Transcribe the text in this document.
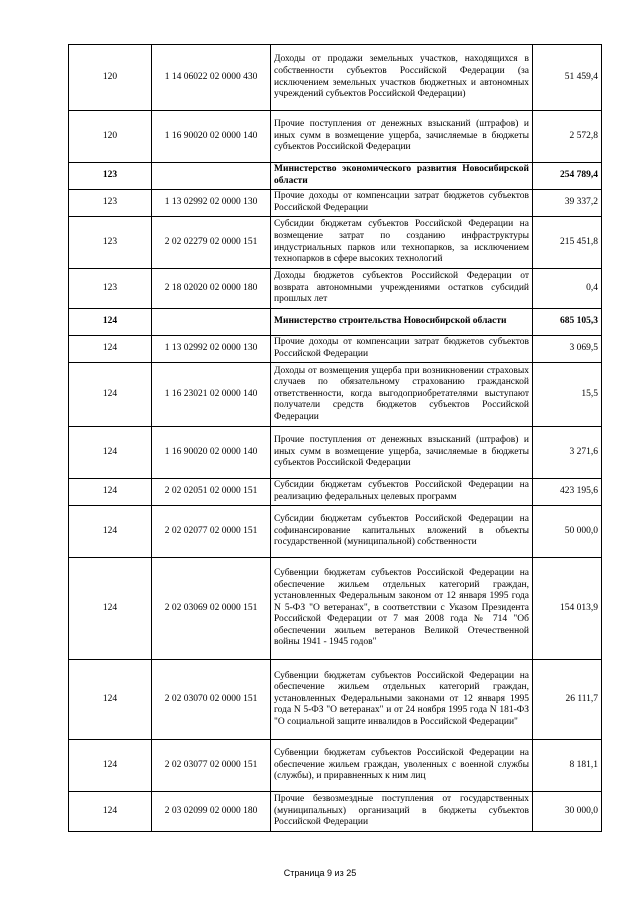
120	1 14 06022 02 0000 430	Доходы от продажи земельных участков, находящихся в собственности субъектов Российской Федерации (за исключением земельных участков бюджетных и автономных учреждений субъектов Российской Федерации)	51 459,4
120	1 16 90020 02 0000 140	Прочие поступления от денежных взысканий (штрафов) и иных сумм в возмещение ущерба, зачисляемые в бюджеты субъектов Российской Федерации	2 572,8
123		Министерство экономического развития Новосибирской области	254 789,4
123	1 13 02992 02 0000 130	Прочие доходы от компенсации затрат бюджетов субъектов Российской Федерации	39 337,2
123	2 02 02279 02 0000 151	Субсидии бюджетам субъектов Российской Федерации на возмещение затрат по созданию инфраструктуры индустриальных парков или технопарков, за исключением технопарков в сфере высоких технологий	215 451,8
123	2 18 02020 02 0000 180	Доходы бюджетов субъектов Российской Федерации от возврата автономными учреждениями остатков субсидий прошлых лет	0,4
124		Министерство строительства Новосибирской области	685 105,3
124	1 13 02992 02 0000 130	Прочие доходы от компенсации затрат бюджетов субъектов Российской Федерации	3 069,5
124	1 16 23021 02 0000 140	Доходы от возмещения ущерба при возникновении страховых случаев по обязательному страхованию гражданской ответственности, когда выгодоприобретателями выступают получатели средств бюджетов субъектов Российской Федерации	15,5
124	1 16 90020 02 0000 140	Прочие поступления от денежных взысканий (штрафов) и иных сумм в возмещение ущерба, зачисляемые в бюджеты субъектов Российской Федерации	3 271,6
124	2 02 02051 02 0000 151	Субсидии бюджетам субъектов Российской Федерации на реализацию федеральных целевых программ	423 195,6
124	2 02 02077 02 0000 151	Субсидии бюджетам субъектов Российской Федерации на софинансирование капитальных вложений в объекты государственной (муниципальной) собственности	50 000,0
124	2 02 03069 02 0000 151	Субвенции бюджетам субъектов Российской Федерации на обеспечение жильем отдельных категорий граждан, установленных Федеральным законом от 12 января 1995 года N 5-ФЗ "О ветеранах", в соответствии с Указом Президента Российской Федерации от 7 мая 2008 года № 714 "Об обеспечении жильем ветеранов Великой Отечественной войны 1941 - 1945 годов"	154 013,9
124	2 02 03070 02 0000 151	Субвенции бюджетам субъектов Российской Федерации на обеспечение жильем отдельных категорий граждан, установленных Федеральными законами от 12 января 1995 года N 5-ФЗ "О ветеранах" и от 24 ноября 1995 года N 181-ФЗ "О социальной защите инвалидов в Российской Федерации"	26 111,7
124	2 02 03077 02 0000 151	Субвенции бюджетам субъектов Российской Федерации на обеспечение жильем граждан, уволенных с военной службы (службы), и приравненных к ним лиц	8 181,1
124	2 03 02099 02 0000 180	Прочие безвозмездные поступления от государственных (муниципальных) организаций в бюджеты субъектов Российской Федерации	30 000,0
Страница 9 из 25
